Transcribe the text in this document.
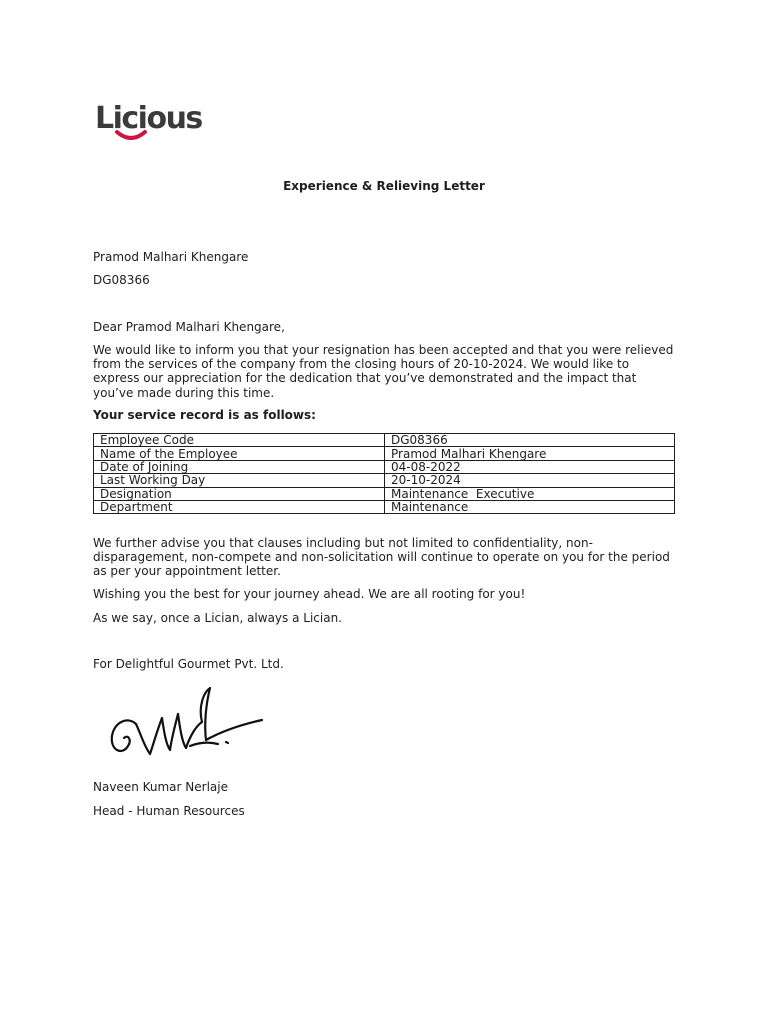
Licious
Experience & Relieving Letter
Pramod Malhari Khengare
DG08366
Dear Pramod Malhari Khengare,
We would like to inform you that your resignation has been accepted and that you were relieved from the services of the company from the closing hours of 20-10-2024. We would like to express our appreciation for the dedication that you’ve demonstrated and the impact that you’ve made during this time.
Your service record is as follows:
Employee Code	DG08366
Name of the Employee	Pramod Malhari Khengare
Date of Joining	04-08-2022
Last Working Day	20-10-2024
Designation	Maintenance  Executive
Department	Maintenance
We further advise you that clauses including but not limited to confidentiality, non-disparagement, non-compete and non-solicitation will continue to operate on you for the period as per your appointment letter.
Wishing you the best for your journey ahead. We are all rooting for you!
As we say, once a Lician, always a Lician.
For Delightful Gourmet Pvt. Ltd.
Naveen Kumar Nerlaje
Head - Human Resources
